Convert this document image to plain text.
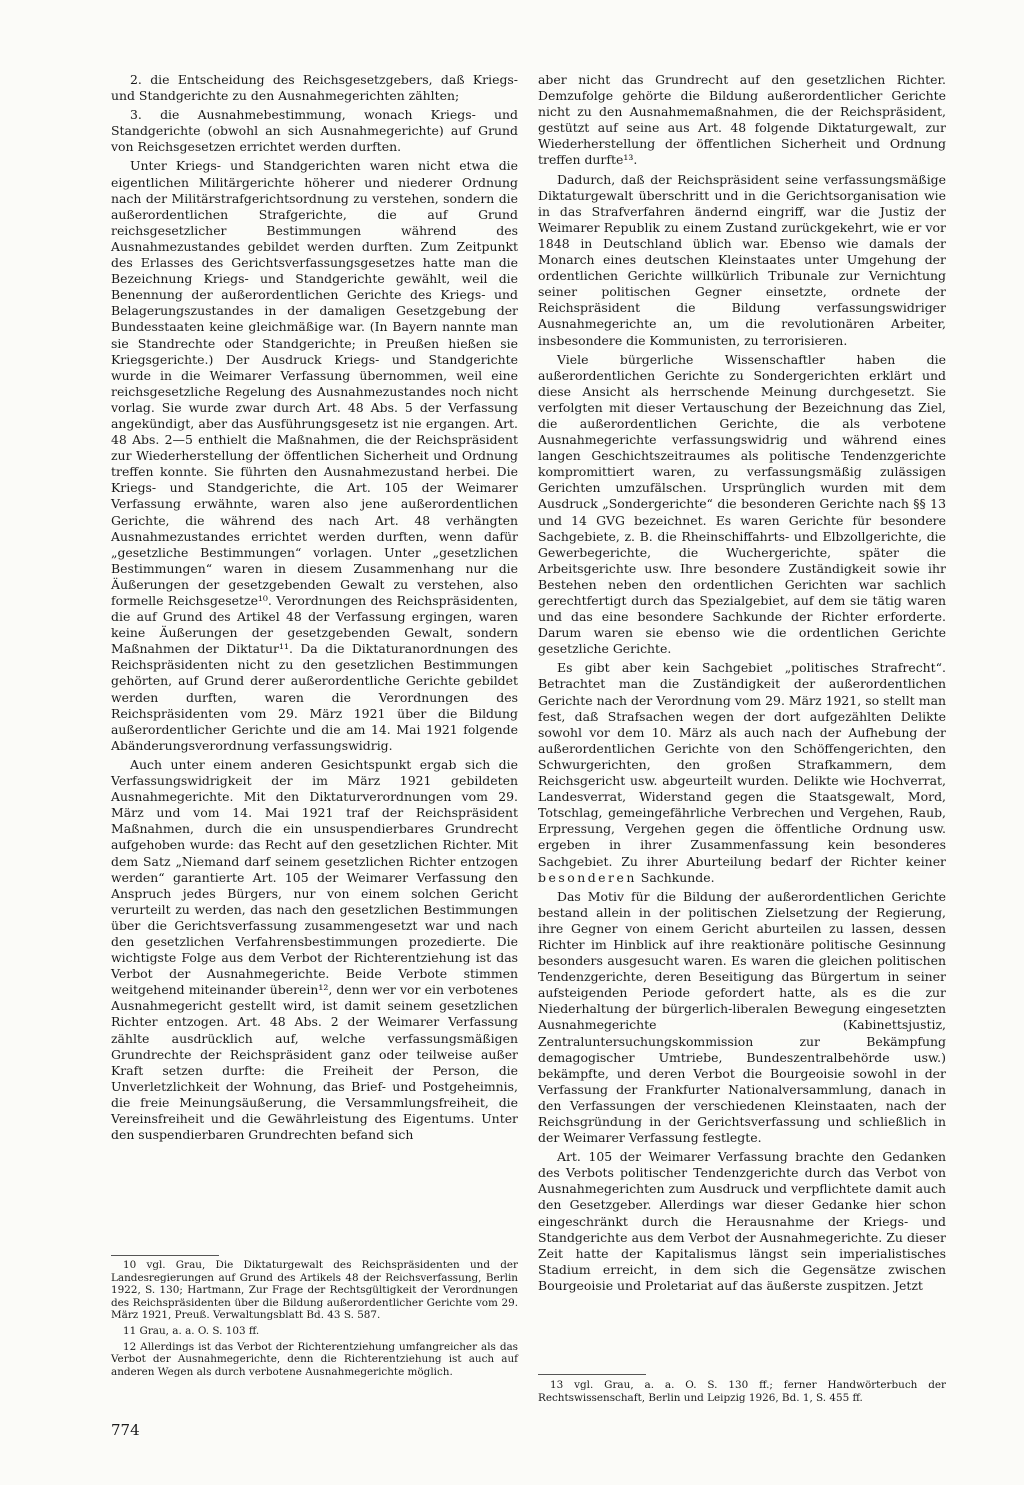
2. die Entscheidung des Reichsgesetzgebers, daß Kriegs- und Standgerichte zu den Ausnahmegerichten zählten;

3. die Ausnahmebestimmung, wonach Kriegs- und Standgerichte (obwohl an sich Ausnahmegerichte) auf Grund von Reichsgesetzen errichtet werden durften.

Unter Kriegs- und Standgerichten waren nicht etwa die eigentlichen Militärgerichte höherer und niederer Ordnung nach der Militärstrafgerichtsordnung zu verstehen, sondern die außerordentlichen Strafgerichte, die auf Grund reichsgesetzlicher Bestimmungen während des Ausnahmezustandes gebildet werden durften. Zum Zeitpunkt des Erlasses des Gerichtsverfassungsgesetzes hatte man die Bezeichnung Kriegs- und Standgerichte gewählt, weil die Benennung der außerordentlichen Gerichte des Kriegs- und Belagerungszustandes in der damaligen Gesetzgebung der Bundesstaaten keine gleichmäßige war. (In Bayern nannte man sie Standrechte oder Standgerichte; in Preußen hießen sie Kriegsgerichte.) Der Ausdruck Kriegs- und Standgerichte wurde in die Weimarer Verfassung übernommen, weil eine reichsgesetzliche Regelung des Ausnahmezustandes noch nicht vorlag. Sie wurde zwar durch Art. 48 Abs. 5 der Verfassung angekündigt, aber das Ausführungsgesetz ist nie ergangen. Art. 48 Abs. 2—5 enthielt die Maßnahmen, die der Reichspräsident zur Wiederherstellung der öffentlichen Sicherheit und Ordnung treffen konnte. Sie führten den Ausnahmezustand herbei. Die Kriegs- und Standgerichte, die Art. 105 der Weimarer Verfassung erwähnte, waren also jene außerordentlichen Gerichte, die während des nach Art. 48 verhängten Ausnahmezustandes errichtet werden durften, wenn dafür „gesetzliche Bestimmungen“ vorlagen. Unter „gesetzlichen Bestimmungen“ waren in diesem Zusammenhang nur die Äußerungen der gesetzgebenden Gewalt zu verstehen, also formelle Reichsgesetze¹⁰. Verordnungen des Reichspräsidenten, die auf Grund des Artikel 48 der Verfassung ergingen, waren keine Äußerungen der gesetzgebenden Gewalt, sondern Maßnahmen der Diktatur¹¹. Da die Diktaturanordnungen des Reichspräsidenten nicht zu den gesetzlichen Bestimmungen gehörten, auf Grund derer außerordentliche Gerichte gebildet werden durften, waren die Verordnungen des Reichspräsidenten vom 29. März 1921 über die Bildung außerordentlicher Gerichte und die am 14. Mai 1921 folgende Abänderungsverordnung verfassungswidrig.

Auch unter einem anderen Gesichtspunkt ergab sich die Verfassungswidrigkeit der im März 1921 gebildeten Ausnahmegerichte. Mit den Diktaturverordnungen vom 29. März und vom 14. Mai 1921 traf der Reichspräsident Maßnahmen, durch die ein unsuspendierbares Grundrecht aufgehoben wurde: das Recht auf den gesetzlichen Richter. Mit dem Satz „Niemand darf seinem gesetzlichen Richter entzogen werden“ garantierte Art. 105 der Weimarer Verfassung den Anspruch jedes Bürgers, nur von einem solchen Gericht verurteilt zu werden, das nach den gesetzlichen Bestimmungen über die Gerichtsverfassung zusammengesetzt war und nach den gesetzlichen Verfahrensbestimmungen prozedierte. Die wichtigste Folge aus dem Verbot der Richterentziehung ist das Verbot der Ausnahmegerichte. Beide Verbote stimmen weitgehend miteinander überein¹², denn wer vor ein verbotenes Ausnahmegericht gestellt wird, ist damit seinem gesetzlichen Richter entzogen. Art. 48 Abs. 2 der Weimarer Verfassung zählte ausdrücklich auf, welche verfassungsmäßigen Grundrechte der Reichspräsident ganz oder teilweise außer Kraft setzen durfte: die Freiheit der Person, die Unverletzlichkeit der Wohnung, das Brief- und Postgeheimnis, die freie Meinungsäußerung, die Versammlungsfreiheit, die Vereinsfreiheit und die Gewährleistung des Eigentums. Unter den suspendierbaren Grundrechten befand sich

10 vgl. Grau, Die Diktaturgewalt des Reichspräsidenten und der Landesregierungen auf Grund des Artikels 48 der Reichsverfassung, Berlin 1922, S. 130; Hartmann, Zur Frage der Rechtsgültigkeit der Verordnungen des Reichspräsidenten über die Bildung außerordentlicher Gerichte vom 29. März 1921, Preuß. Verwaltungsblatt Bd. 43 S. 587.

11 Grau, a. a. O. S. 103 ff.

12 Allerdings ist das Verbot der Richterentziehung umfangreicher als das Verbot der Ausnahmegerichte, denn die Richterentziehung ist auch auf anderen Wegen als durch verbotene Ausnahmegerichte möglich.

aber nicht das Grundrecht auf den gesetzlichen Richter. Demzufolge gehörte die Bildung außerordentlicher Gerichte nicht zu den Ausnahmemaßnahmen, die der Reichspräsident, gestützt auf seine aus Art. 48 folgende Diktaturgewalt, zur Wiederherstellung der öffentlichen Sicherheit und Ordnung treffen durfte¹³.

Dadurch, daß der Reichspräsident seine verfassungsmäßige Diktaturgewalt überschritt und in die Gerichtsorganisation wie in das Strafverfahren ändernd eingriff, war die Justiz der Weimarer Republik zu einem Zustand zurückgekehrt, wie er vor 1848 in Deutschland üblich war. Ebenso wie damals der Monarch eines deutschen Kleinstaates unter Umgehung der ordentlichen Gerichte willkürlich Tribunale zur Vernichtung seiner politischen Gegner einsetzte, ordnete der Reichspräsident die Bildung verfassungswidriger Ausnahmegerichte an, um die revolutionären Arbeiter, insbesondere die Kommunisten, zu terrorisieren.

Viele bürgerliche Wissenschaftler haben die außerordentlichen Gerichte zu Sondergerichten erklärt und diese Ansicht als herrschende Meinung durchgesetzt. Sie verfolgten mit dieser Vertauschung der Bezeichnung das Ziel, die außerordentlichen Gerichte, die als verbotene Ausnahmegerichte verfassungswidrig und während eines langen Geschichtszeitraumes als politische Tendenzgerichte kompromittiert waren, zu verfassungsmäßig zulässigen Gerichten umzufälschen. Ursprünglich wurden mit dem Ausdruck „Sondergerichte“ die besonderen Gerichte nach §§ 13 und 14 GVG bezeichnet. Es waren Gerichte für besondere Sachgebiete, z. B. die Rheinschiffahrts- und Elbzollgerichte, die Gewerbegerichte, die Wuchergerichte, später die Arbeitsgerichte usw. Ihre besondere Zuständigkeit sowie ihr Bestehen neben den ordentlichen Gerichten war sachlich gerechtfertigt durch das Spezialgebiet, auf dem sie tätig waren und das eine besondere Sachkunde der Richter erforderte. Darum waren sie ebenso wie die ordentlichen Gerichte gesetzliche Gerichte.

Es gibt aber kein Sachgebiet „politisches Strafrecht“. Betrachtet man die Zuständigkeit der außerordentlichen Gerichte nach der Verordnung vom 29. März 1921, so stellt man fest, daß Strafsachen wegen der dort aufgezählten Delikte sowohl vor dem 10. März als auch nach der Aufhebung der außerordentlichen Gerichte von den Schöffengerichten, den Schwurgerichten, den großen Strafkammern, dem Reichsgericht usw. abgeurteilt wurden. Delikte wie Hochverrat, Landesverrat, Widerstand gegen die Staatsgewalt, Mord, Totschlag, gemeingefährliche Verbrechen und Vergehen, Raub, Erpressung, Vergehen gegen die öffentliche Ordnung usw. ergeben in ihrer Zusammenfassung kein besonderes Sachgebiet. Zu ihrer Aburteilung bedarf der Richter keiner besonderen Sachkunde.

Das Motiv für die Bildung der außerordentlichen Gerichte bestand allein in der politischen Zielsetzung der Regierung, ihre Gegner von einem Gericht aburteilen zu lassen, dessen Richter im Hinblick auf ihre reaktionäre politische Gesinnung besonders ausgesucht waren. Es waren die gleichen politischen Tendenzgerichte, deren Beseitigung das Bürgertum in seiner aufsteigenden Periode gefordert hatte, als es die zur Niederhaltung der bürgerlich-liberalen Bewegung eingesetzten Ausnahmegerichte (Kabinettsjustiz, Zentraluntersuchungskommission zur Bekämpfung demagogischer Umtriebe, Bundeszentralbehörde usw.) bekämpfte, und deren Verbot die Bourgeoisie sowohl in der Verfassung der Frankfurter Nationalversammlung, danach in den Verfassungen der verschiedenen Kleinstaaten, nach der Reichsgründung in der Gerichtsverfassung und schließlich in der Weimarer Verfassung festlegte.

Art. 105 der Weimarer Verfassung brachte den Gedanken des Verbots politischer Tendenzgerichte durch das Verbot von Ausnahmegerichten zum Ausdruck und verpflichtete damit auch den Gesetzgeber. Allerdings war dieser Gedanke hier schon eingeschränkt durch die Herausnahme der Kriegs- und Standgerichte aus dem Verbot der Ausnahmegerichte. Zu dieser Zeit hatte der Kapitalismus längst sein imperialistisches Stadium erreicht, in dem sich die Gegensätze zwischen Bourgeoisie und Proletariat auf das äußerste zuspitzen. Jetzt

13 vgl. Grau, a. a. O. S. 130 ff.; ferner Handwörterbuch der Rechtswissenschaft, Berlin und Leipzig 1926, Bd. 1, S. 455 ff.

774
